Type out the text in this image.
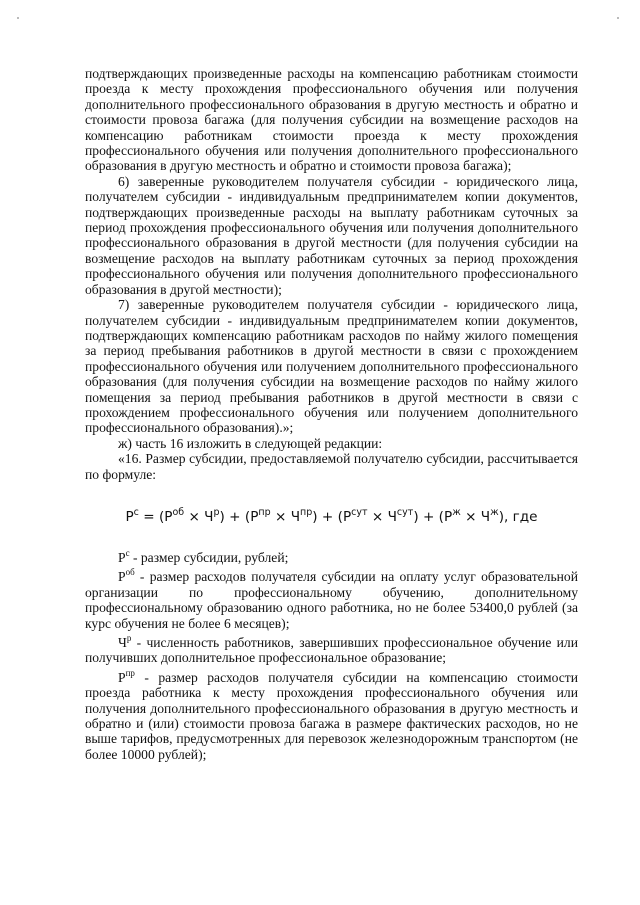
подтверждающих произведенные расходы на компенсацию работникам стоимости проезда к месту прохождения профессионального обучения или получения дополнительного профессионального образования в другую местность и обратно и стоимости провоза багажа (для получения субсидии на возмещение расходов на компенсацию работникам стоимости проезда к месту прохождения профессионального обучения или получения дополнительного профессионального образования в другую местность и обратно и стоимости провоза багажа);

6) заверенные руководителем получателя субсидии - юридического лица, получателем субсидии - индивидуальным предпринимателем копии документов, подтверждающих произведенные расходы на выплату работникам суточных за период прохождения профессионального обучения или получения дополнительного профессионального образования в другой местности (для получения субсидии на возмещение расходов на выплату работникам суточных за период прохождения профессионального обучения или получения дополнительного профессионального образования в другой местности);

7) заверенные руководителем получателя субсидии - юридического лица, получателем субсидии - индивидуальным предпринимателем копии документов, подтверждающих компенсацию работникам расходов по найму жилого помещения за период пребывания работников в другой местности в связи с прохождением профессионального обучения или получением дополнительного профессионального образования (для получения субсидии на возмещение расходов по найму жилого помещения за период пребывания работников в другой местности в связи с прохождением профессионального обучения или получением дополнительного профессионального образования).»;

ж) часть 16 изложить в следующей редакции:

«16. Размер субсидии, предоставляемой получателю субсидии, рассчитывается по формуле:

$Р^с = (Р^{об} \times Ч^р) + (Р^{пр} \times Ч^{пр}) + (Р^{сут} \times Ч^{сут}) + (Р^ж \times Ч^ж)$, где

$Р^с$ - размер субсидии, рублей;

$Р^{об}$ - размер расходов получателя субсидии на оплату услуг образовательной организации по профессиональному обучению, дополнительному профессиональному образованию одного работника, но не более 53400,0 рублей (за курс обучения не более 6 месяцев);

$Ч^р$ - численность работников, завершивших профессиональное обучение или получивших дополнительное профессиональное образование;

$Р^{пр}$ - размер расходов получателя субсидии на компенсацию стоимости проезда работника к месту прохождения профессионального обучения или получения дополнительного профессионального образования в другую местность и обратно и (или) стоимости провоза багажа в размере фактических расходов, но не выше тарифов, предусмотренных для перевозок железнодорожным транспортом (не более 10000 рублей);
